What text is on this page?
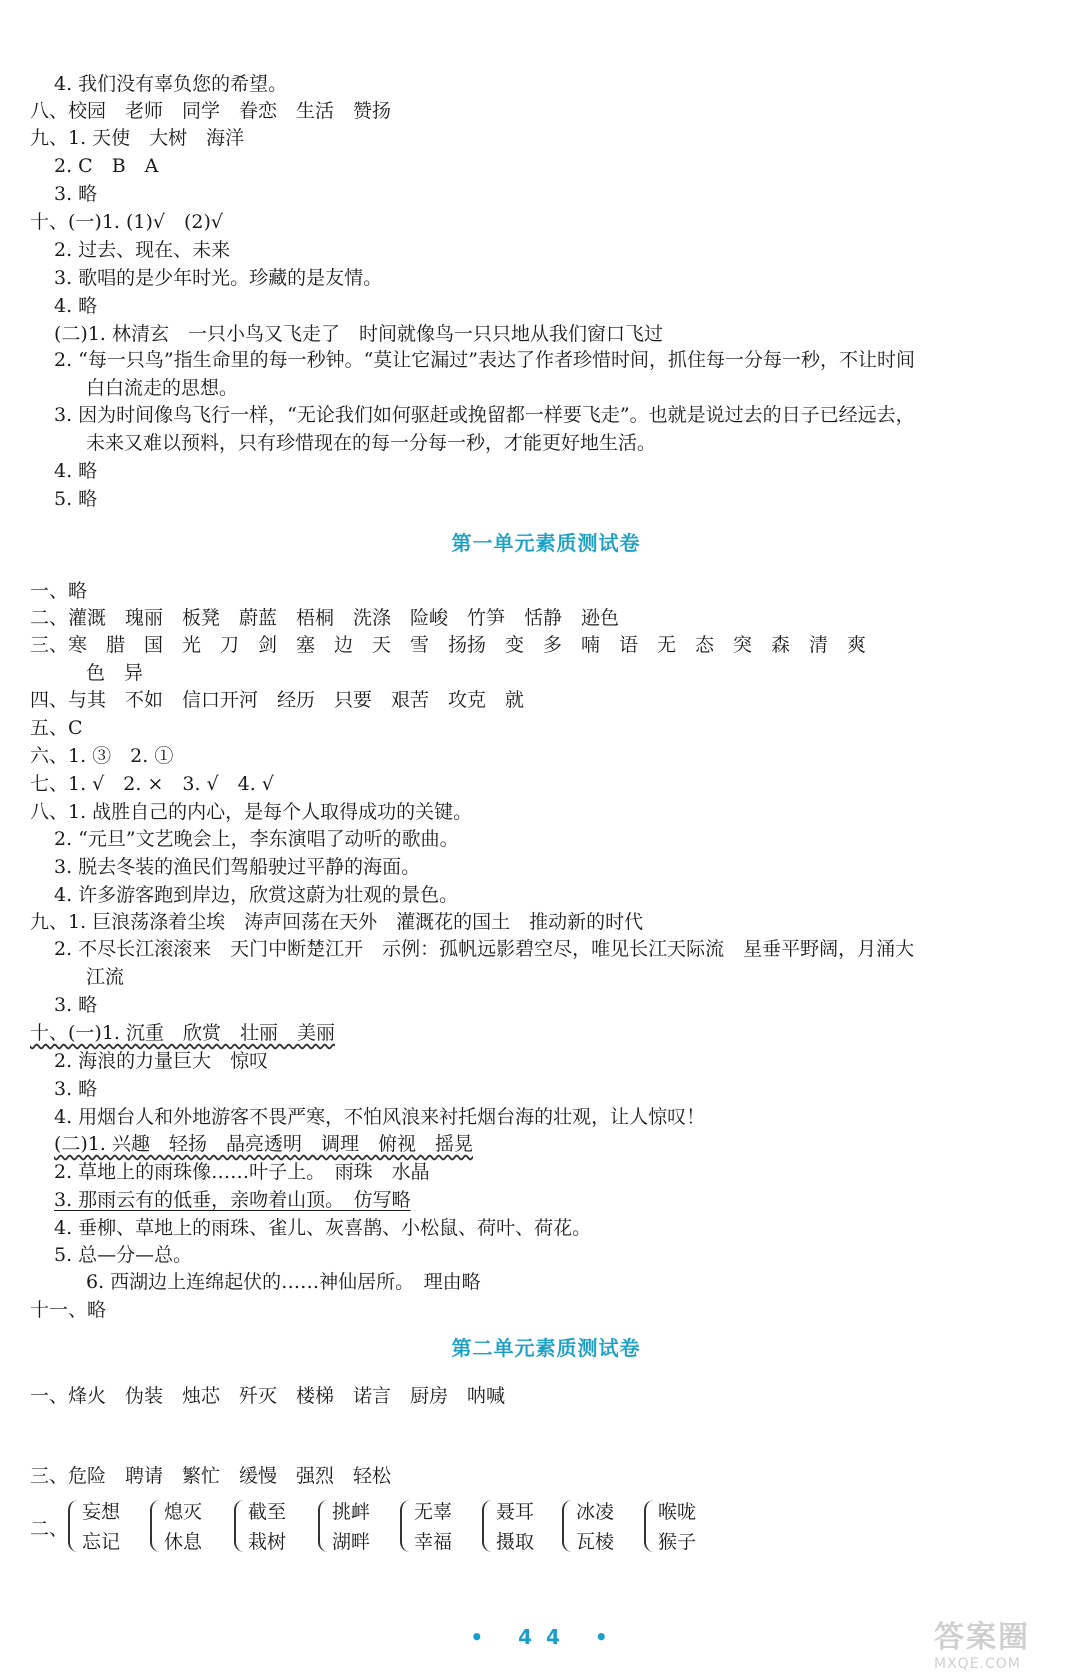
4. 我们没有辜负您的希望。
八、校园　老师　同学　眷恋　生活　赞扬
九、1. 天使　大树　海洋
2. C　B　A
3. 略
十、(一)1. (1)√　(2)√
2. 过去、现在、未来
3. 歌唱的是少年时光。珍藏的是友情。
4. 略
(二)1. 林清玄　一只小鸟又飞走了　时间就像鸟一只只地从我们窗口飞过
2. “每一只鸟”指生命里的每一秒钟。“莫让它漏过”表达了作者珍惜时间，抓住每一分每一秒，不让时间
白白流走的思想。
3. 因为时间像鸟飞行一样，“无论我们如何驱赶或挽留都一样要飞走”。也就是说过去的日子已经远去，
未来又难以预料，只有珍惜现在的每一分每一秒，才能更好地生活。
4. 略
5. 略
一、略
二、灌溉　瑰丽　板凳　蔚蓝　梧桐　洗涤　险峻　竹笋　恬静　逊色
三、寒　腊　国　光　刀　剑　塞　边　天　雪　扬扬　变　多　喃　语　无　态　突　森　清　爽
色　异
四、与其　不如　信口开河　经历　只要　艰苦　攻克　就
五、C
六、1. ③　2. ①
七、1. √　2. ×　3. √　4. √
八、1. 战胜自己的内心，是每个人取得成功的关键。
2. “元旦”文艺晚会上，李东演唱了动听的歌曲。
3. 脱去冬装的渔民们驾船驶过平静的海面。
4. 许多游客跑到岸边，欣赏这蔚为壮观的景色。
九、1. 巨浪荡涤着尘埃　涛声回荡在天外　灌溉花的国土　推动新的时代
2. 不尽长江滚滚来　天门中断楚江开　示例：孤帆远影碧空尽，唯见长江天际流　星垂平野阔，月涌大
江流
3. 略
十、(一)1. 沉重　欣赏　壮丽　美丽
2. 海浪的力量巨大　惊叹
3. 略
4. 用烟台人和外地游客不畏严寒，不怕风浪来衬托烟台海的壮观，让人惊叹！
(二)1. 兴趣　轻扬　晶亮透明　调理　俯视　摇晃
2. 草地上的雨珠像……叶子上。　雨珠　水晶
3. 那雨云有的低垂，亲吻着山顶。　仿写略
4. 垂柳、草地上的雨珠、雀儿、灰喜鹊、小松鼠、荷叶、荷花。
5. 总—分—总。
6. 西湖边上连绵起伏的……神仙居所。　理由略
十一、略
一、烽火　伪装　烛芯　歼灭　楼梯　诺言　厨房　呐喊
三、危险　聘请　繁忙　缓慢　强烈　轻松
第一单元素质测试卷
第二单元素质测试卷
二、
妄想
忘记
熄灭
休息
截至
栽树
挑衅
湖畔
无辜
幸福
聂耳
摄取
冰凌
瓦棱
喉咙
猴子
• 44 •	答案圈
MXQE.COM
